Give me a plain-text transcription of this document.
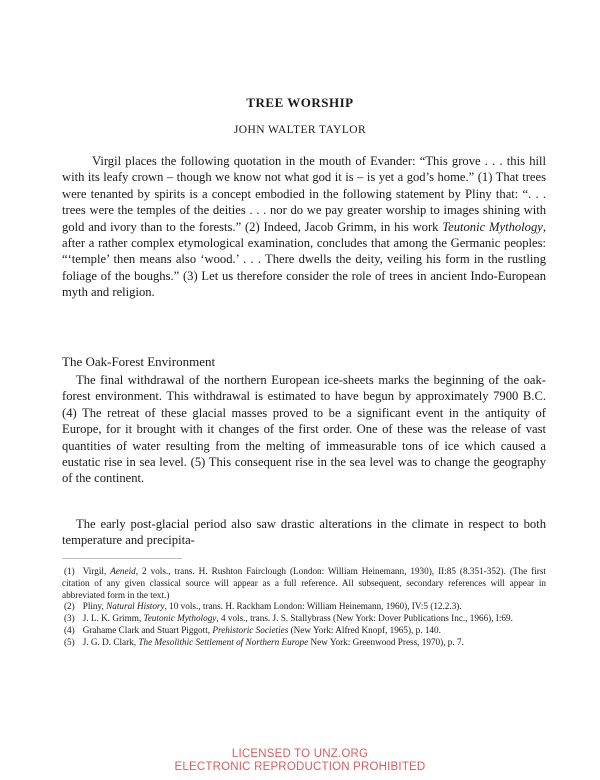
TREE WORSHIP
JOHN WALTER TAYLOR

Virgil places the following quotation in the mouth of Evander: “This grove . . . this hill with its leafy crown – though we know not what god it is – is yet a god’s home.” (1) That trees were tenanted by spirits is a concept embodied in the following statement by Pliny that: “. . . trees were the temples of the deities . . . nor do we pay greater worship to images shining with gold and ivory than to the forests.” (2) Indeed, Jacob Grimm, in his work Teutonic Mythology, after a rather complex etymological examination, concludes that among the Germanic peoples: “‘temple’ then means also ‘wood.’ . . . There dwells the deity, veiling his form in the rustling foliage of the boughs.” (3) Let us therefore consider the role of trees in ancient Indo-European myth and religion.

The Oak-Forest Environment

The final withdrawal of the northern European ice-sheets marks the beginning of the oak-forest environment. This withdrawal is estimated to have begun by approximately 7900 B.C. (4) The retreat of these glacial masses proved to be a significant event in the antiquity of Europe, for it brought with it changes of the first order. One of these was the release of vast quantities of water resulting from the melting of immeasurable tons of ice which caused a eustatic rise in sea level. (5) This consequent rise in the sea level was to change the geography of the continent.

The early post-glacial period also saw drastic alterations in the climate in respect to both temperature and precipita-

(1) Virgil, Aeneid, 2 vols., trans. H. Rushton Fairclough (London: William Heinemann, 1930), II:85 (8.351-352). (The first citation of any given classical source will appear as a full reference. All subsequent, secondary references will appear in abbreviated form in the text.)
(2) Pliny, Natural History, 10 vols., trans. H. Rackham London: William Heinemann, 1960), IV:5 (12.2.3).
(3) J. L. K. Grimm, Teutonic Mythology, 4 vols., trans. J. S. Stallybrass (New York: Dover Publications Inc., 1966), I:69.
(4) Grahame Clark and Stuart Piggott, Prehistoric Societies (New York: Alfred Knopf, 1965), p. 140.
(5) J. G. D. Clark, The Mesolithic Settlement of Northern Europe New York: Greenwood Press, 1970), p. 7.
LICENSED TO UNZ.ORG
ELECTRONIC REPRODUCTION PROHIBITED
